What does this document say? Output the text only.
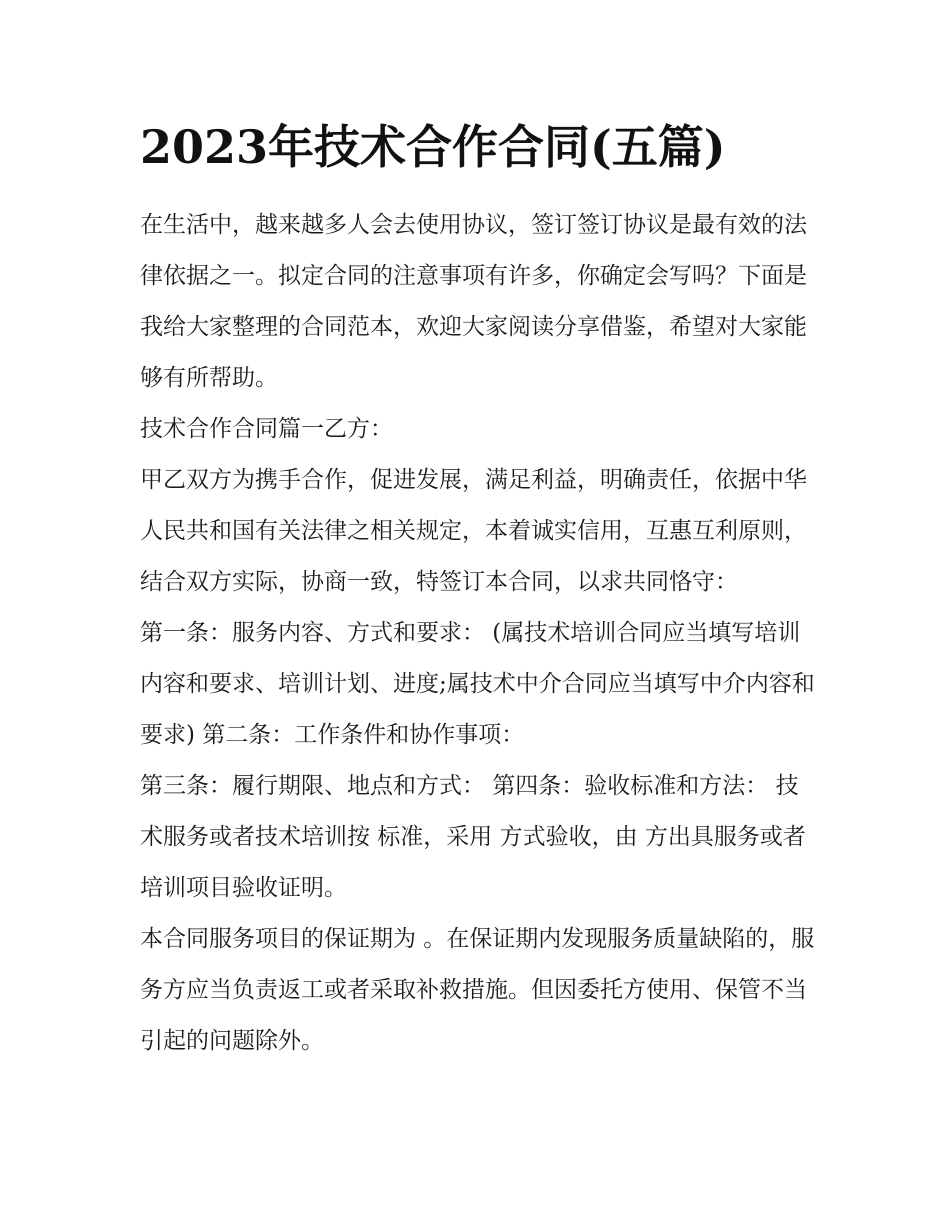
2023年技术合作合同(五篇)

在生活中，越来越多人会去使用协议，签订签订协议是最有效的法律依据之一。拟定合同的注意事项有许多，你确定会写吗？下面是我给大家整理的合同范本，欢迎大家阅读分享借鉴，希望对大家能够有所帮助。

技术合作合同篇一乙方：

甲乙双方为携手合作，促进发展，满足利益，明确责任，依据中华人民共和国有关法律之相关规定，本着诚实信用，互惠互利原则，结合双方实际，协商一致，特签订本合同，以求共同恪守：

第一条：服务内容、方式和要求： (属技术培训合同应当填写培训内容和要求、培训计划、进度;属技术中介合同应当填写中介内容和要求) 第二条：工作条件和协作事项：

第三条：履行期限、地点和方式： 第四条：验收标准和方法： 技术服务或者技术培训按 标准，采用 方式验收，由 方出具服务或者培训项目验收证明。

本合同服务项目的保证期为 。在保证期内发现服务质量缺陷的，服务方应当负责返工或者采取补救措施。但因委托方使用、保管不当引起的问题除外。
